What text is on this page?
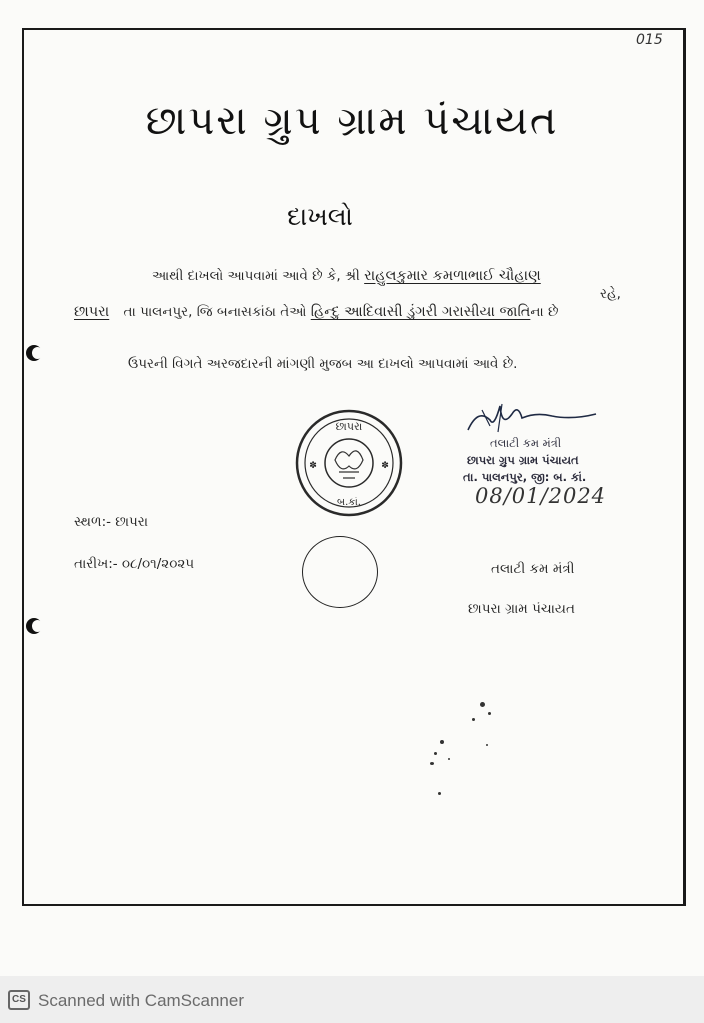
015
છાપરા ગ્રુપ ગ્રામ પંચાયત
દાખલો
આથી દાખલો આપવામાં આવે છે કે, શ્રી રાહુલકુમાર કમળાભાઈ ચૌહાણ
રહે,
છાપરા તા પાલનપુર, જિ બનાસકાંઠા તેઓ હિન્દુ આદિવાસી ડુંગરી ગરાસીયા જાતિના છે
ઉપરની વિગતે અરજદારની માંગણી મુજબ આ દાખલો આપવામાં આવે છે.
છાપરા
બ.કાં.
✽	✽
તલાટી કમ મંત્રી
છાપરા ગ્રુપ ગ્રામ પંચાયત
તા. પાલનપુર, જી: બ. કાં.
08/01/2024
સ્થળ:- છાપરા
તારીખ:- ૦૮/૦૧/૨૦૨૫	તલાટી કમ મંત્રી
છાપરા ગ્રામ પંચાયત
CS Scanned with CamScanner
